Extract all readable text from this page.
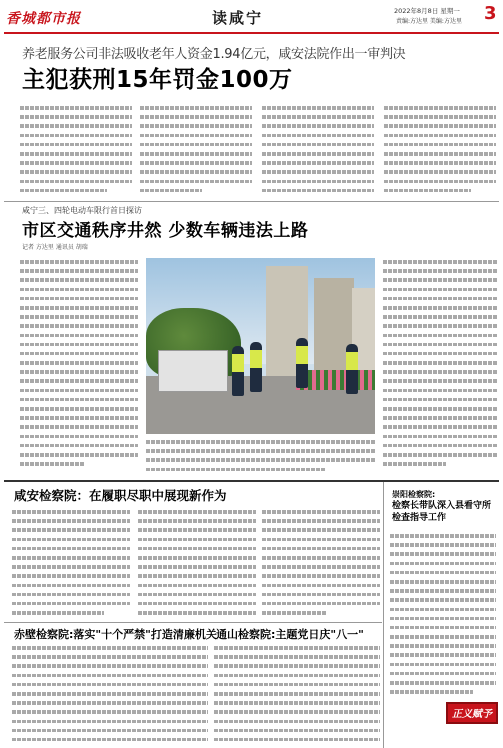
香城都市报	读咸宁	2022年8月8日 星期一
责编:方达里 美编:方达里 3
养老服务公司非法吸收老年人资金1.94亿元，咸安法院作出一审判决
主犯获刑15年罚金100万
咸宁三、四轮电动车限行首日探访
市区交通秩序井然 少数车辆违法上路
记者 方达里 通讯员 胡瑞
咸安检察院：在履职尽职中展现新作为
赤壁检察院:落实"十个严禁"打造清廉机关 通山检察院:主题党日庆"八一"
崇阳检察院:
检察长带队深入县看守所检查指导工作
正义赋予
